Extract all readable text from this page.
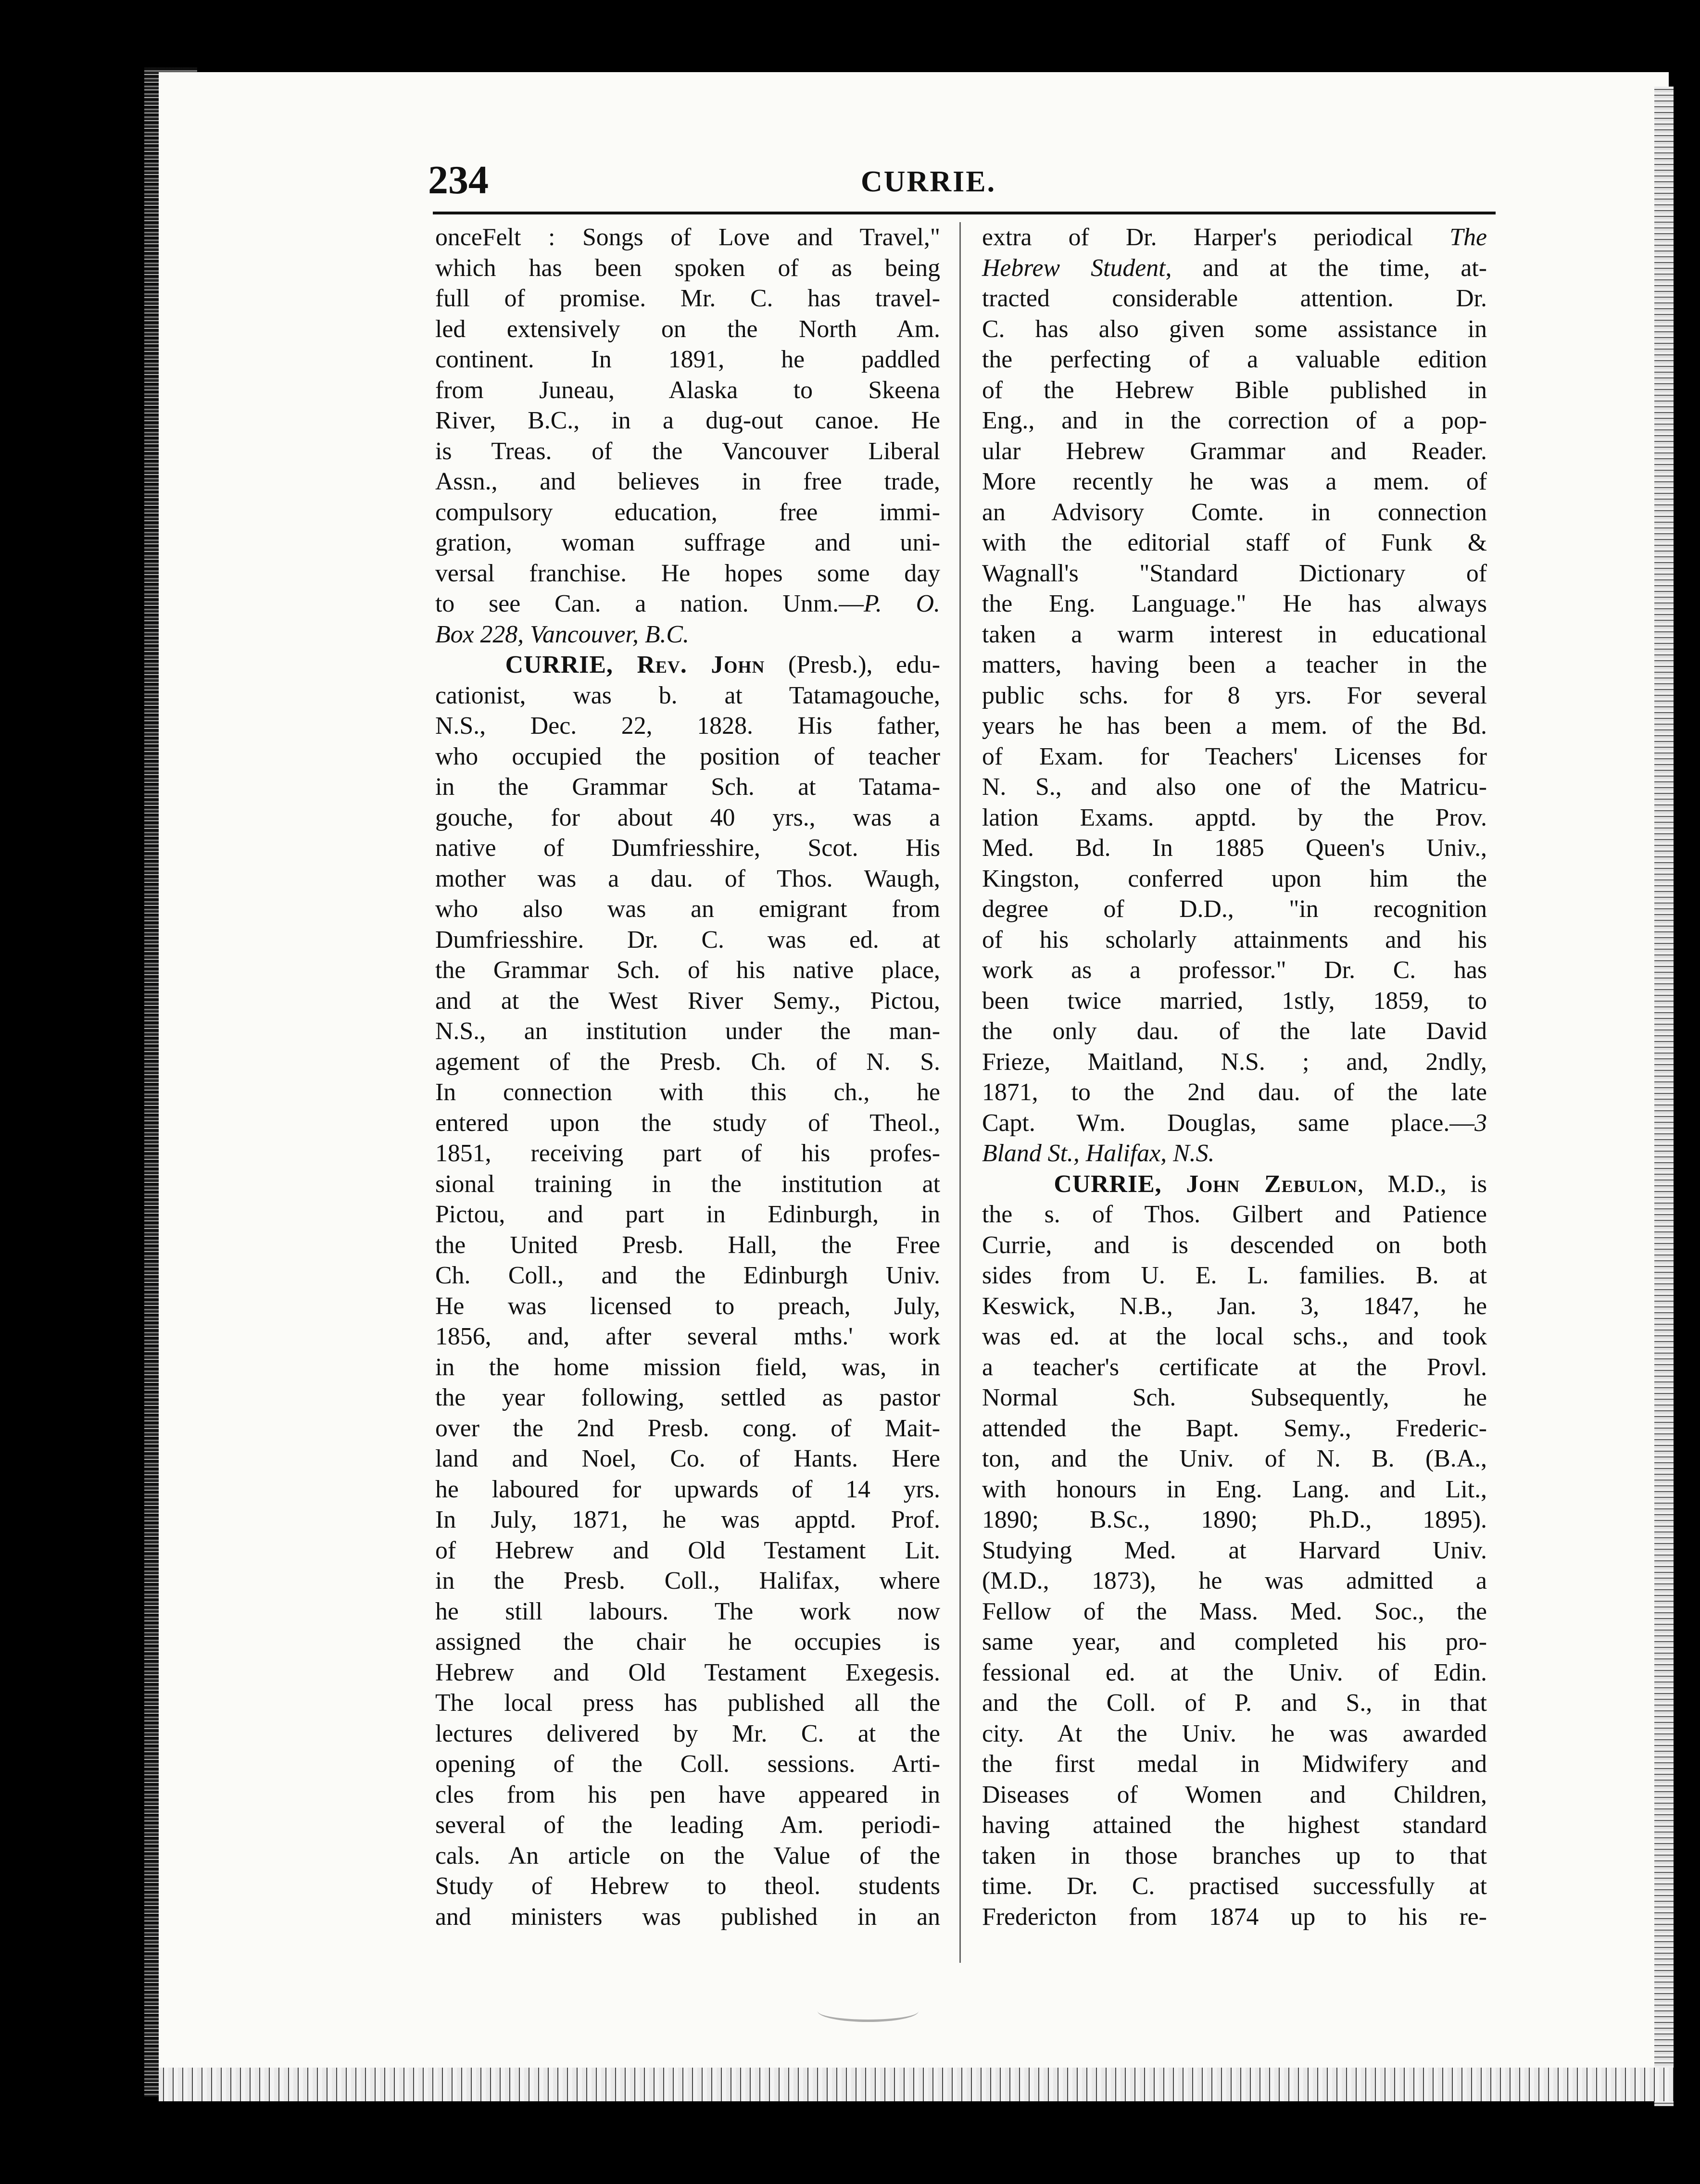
234	CURRIE.
onceFelt : Songs of Love and Travel,"
which has been spoken of as being
full of promise. Mr. C. has travel-
led extensively on the North Am.
continent. In 1891, he paddled
from Juneau, Alaska to Skeena
River, B.C., in a dug-out canoe. He
is Treas. of the Vancouver Liberal
Assn., and believes in free trade,
compulsory education, free immi-
gration, woman suffrage and uni-
versal franchise. He hopes some day
to see Can. a nation. Unm.—P. O.
Box 228, Vancouver, B.C.
CURRIE, Rev. John (Presb.), edu-
cationist, was b. at Tatamagouche,
N.S., Dec. 22, 1828. His father,
who occupied the position of teacher
in the Grammar Sch. at Tatama-
gouche, for about 40 yrs., was a
native of Dumfriesshire, Scot. His
mother was a dau. of Thos. Waugh,
who also was an emigrant from
Dumfriesshire. Dr. C. was ed. at
the Grammar Sch. of his native place,
and at the West River Semy., Pictou,
N.S., an institution under the man-
agement of the Presb. Ch. of N. S.
In connection with this ch., he
entered upon the study of Theol.,
1851, receiving part of his profes-
sional training in the institution at
Pictou, and part in Edinburgh, in
the United Presb. Hall, the Free
Ch. Coll., and the Edinburgh Univ.
He was licensed to preach, July,
1856, and, after several mths.' work
in the home mission field, was, in
the year following, settled as pastor
over the 2nd Presb. cong. of Mait-
land and Noel, Co. of Hants. Here
he laboured for upwards of 14 yrs.
In July, 1871, he was apptd. Prof.
of Hebrew and Old Testament Lit.
in the Presb. Coll., Halifax, where
he still labours. The work now
assigned the chair he occupies is
Hebrew and Old Testament Exegesis.
The local press has published all the
lectures delivered by Mr. C. at the
opening of the Coll. sessions. Arti-
cles from his pen have appeared in
several of the leading Am. periodi-
cals. An article on the Value of the
Study of Hebrew to theol. students
and ministers was published in an
extra of Dr. Harper's periodical The
Hebrew Student, and at the time, at-
tracted considerable attention. Dr.
C. has also given some assistance in
the perfecting of a valuable edition
of the Hebrew Bible published in
Eng., and in the correction of a pop-
ular Hebrew Grammar and Reader.
More recently he was a mem. of
an Advisory Comte. in connection
with the editorial staff of Funk &
Wagnall's "Standard Dictionary of
the Eng. Language." He has always
taken a warm interest in educational
matters, having been a teacher in the
public schs. for 8 yrs. For several
years he has been a mem. of the Bd.
of Exam. for Teachers' Licenses for
N. S., and also one of the Matricu-
lation Exams. apptd. by the Prov.
Med. Bd. In 1885 Queen's Univ.,
Kingston, conferred upon him the
degree of D.D., "in recognition
of his scholarly attainments and his
work as a professor." Dr. C. has
been twice married, 1stly, 1859, to
the only dau. of the late David
Frieze, Maitland, N.S. ; and, 2ndly,
1871, to the 2nd dau. of the late
Capt. Wm. Douglas, same place.—3
Bland St., Halifax, N.S.
CURRIE, John Zebulon, M.D., is
the s. of Thos. Gilbert and Patience
Currie, and is descended on both
sides from U. E. L. families. B. at
Keswick, N.B., Jan. 3, 1847, he
was ed. at the local schs., and took
a teacher's certificate at the Provl.
Normal Sch. Subsequently, he
attended the Bapt. Semy., Frederic-
ton, and the Univ. of N. B. (B.A.,
with honours in Eng. Lang. and Lit.,
1890; B.Sc., 1890; Ph.D., 1895).
Studying Med. at Harvard Univ.
(M.D., 1873), he was admitted a
Fellow of the Mass. Med. Soc., the
same year, and completed his pro-
fessional ed. at the Univ. of Edin.
and the Coll. of P. and S., in that
city. At the Univ. he was awarded
the first medal in Midwifery and
Diseases of Women and Children,
having attained the highest standard
taken in those branches up to that
time. Dr. C. practised successfully at
Fredericton from 1874 up to his re-
